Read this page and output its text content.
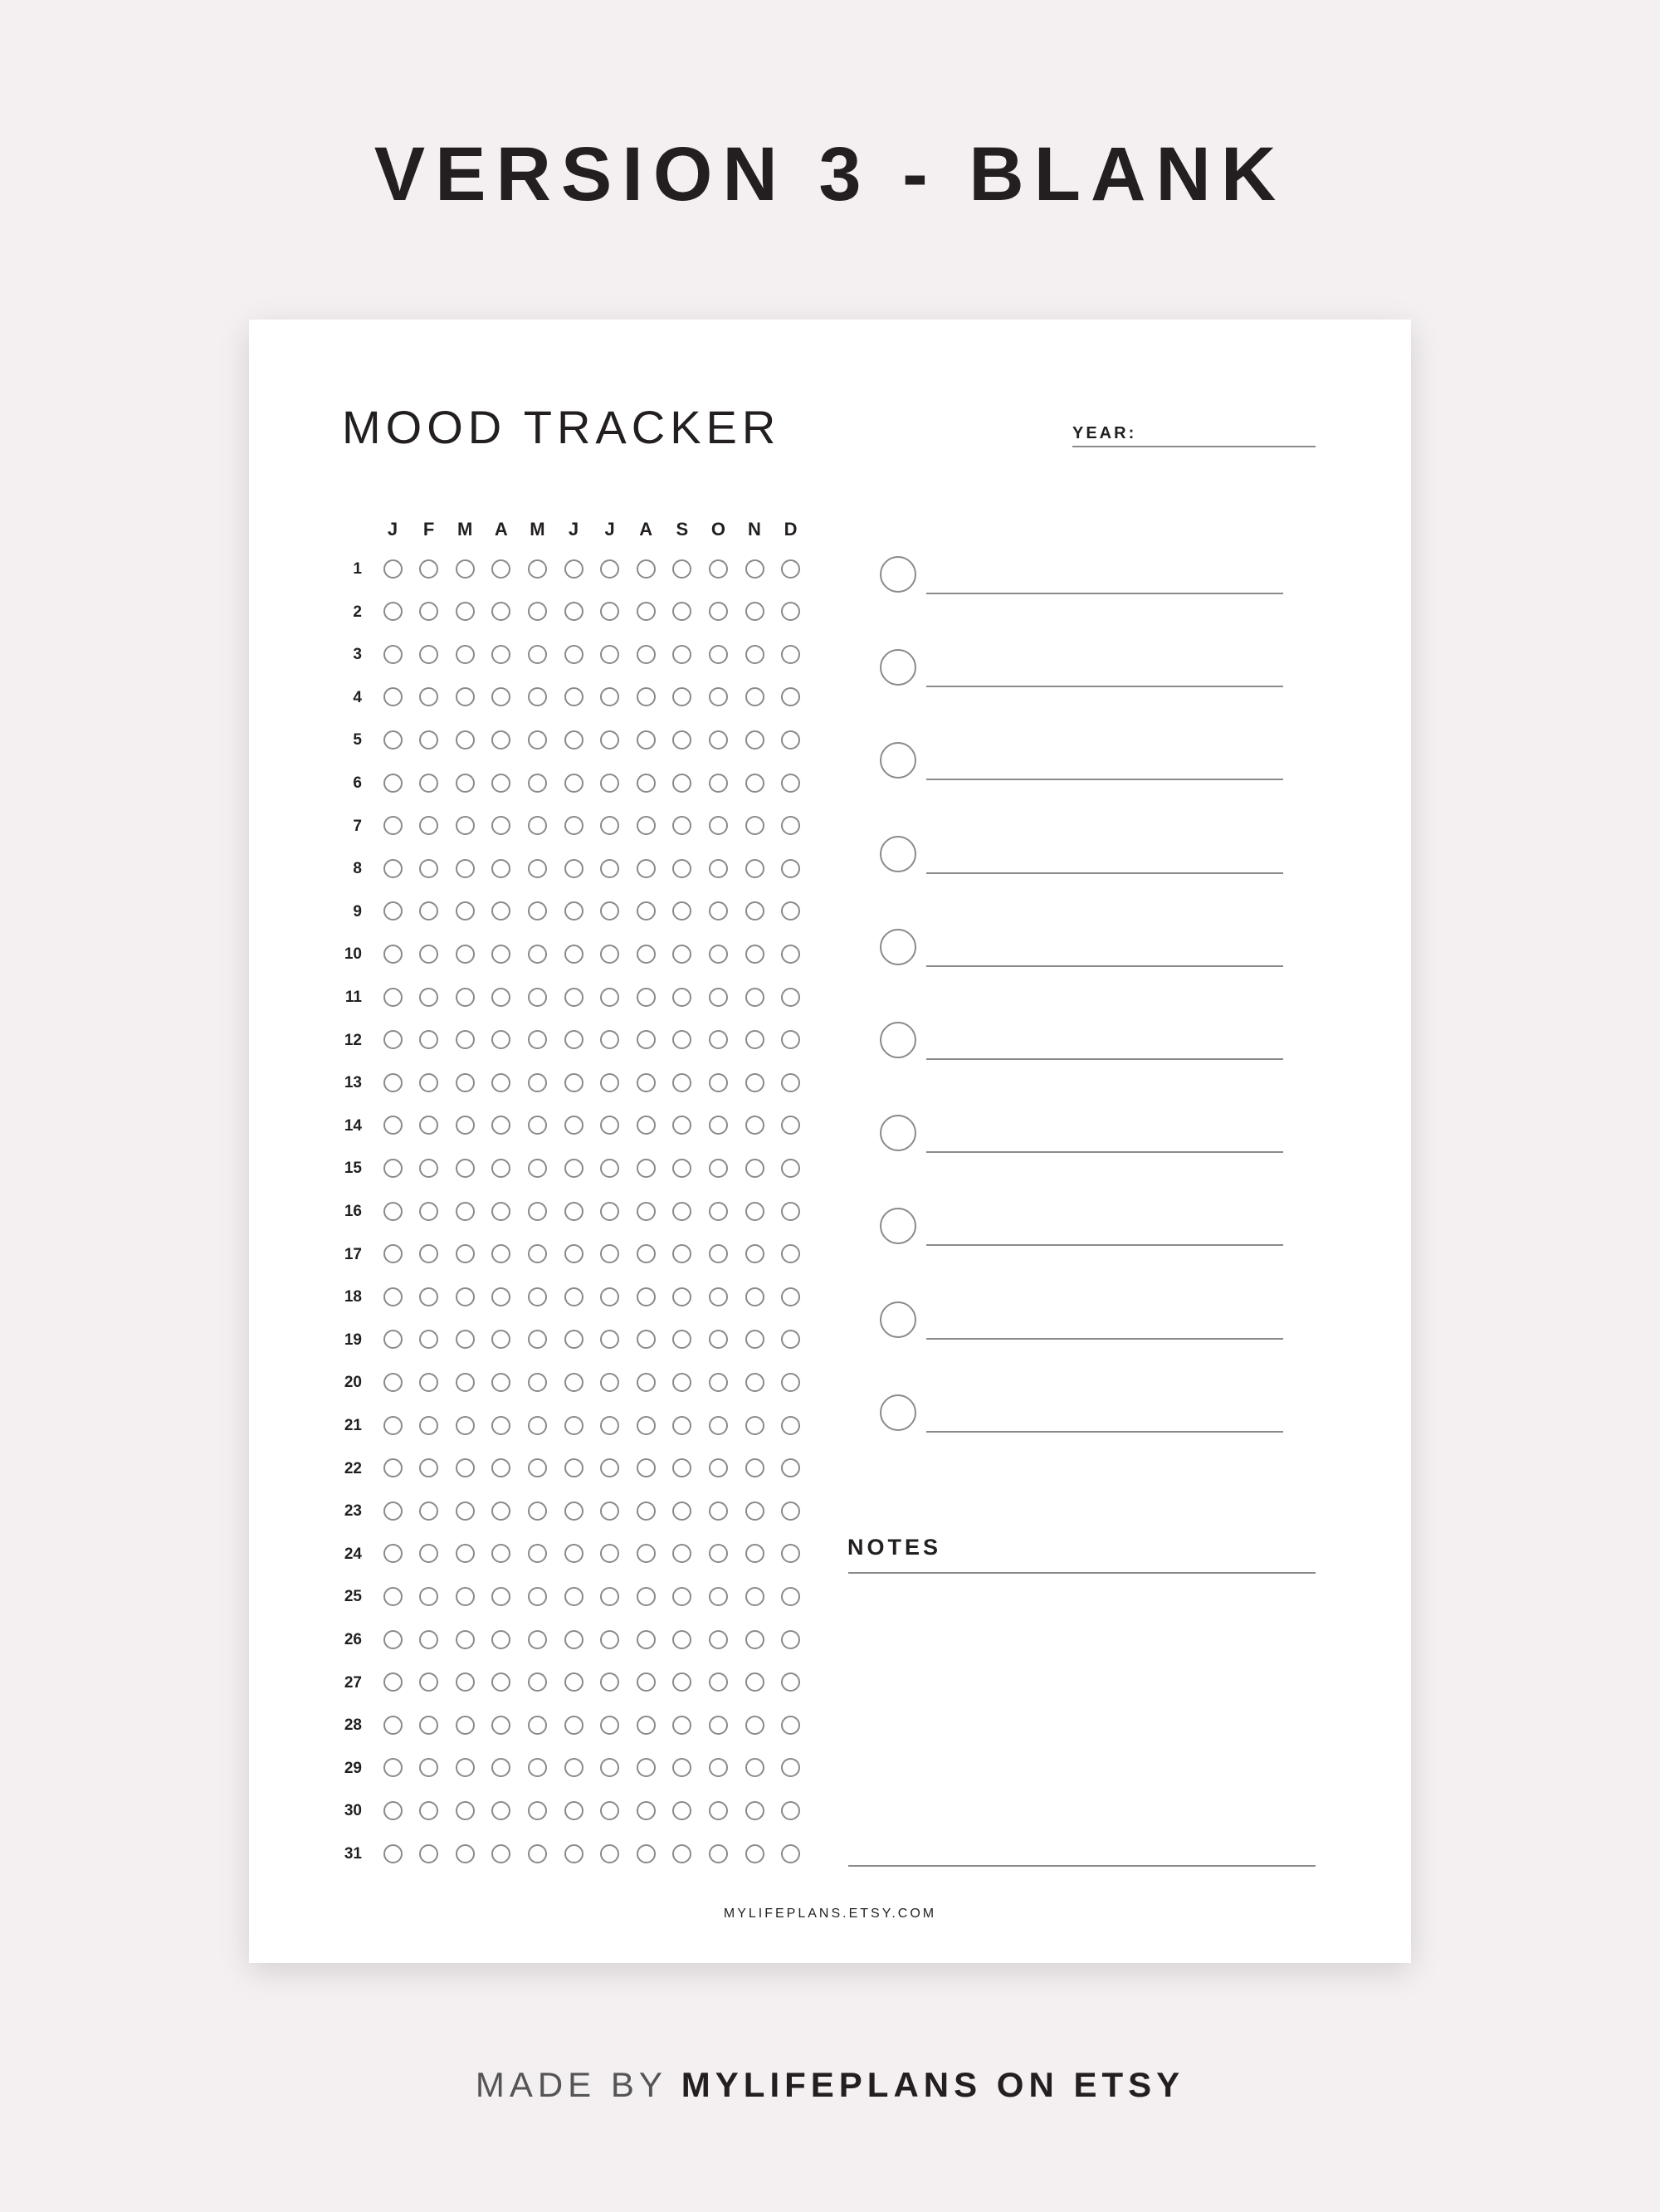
VERSION 3 - BLANK
MOOD TRACKER	YEAR:
J	F	M	A	M	J	J	A	S	O	N	D
1
2
3
4
5
6
7
8
9
10
11
12
13
14
15
16
17
18
19
20
21
22
23
24
25
26
27
28
29
30
31
NOTES
MYLIFEPLANS.ETSY.COM
MADE BY MYLIFEPLANS ON ETSY
